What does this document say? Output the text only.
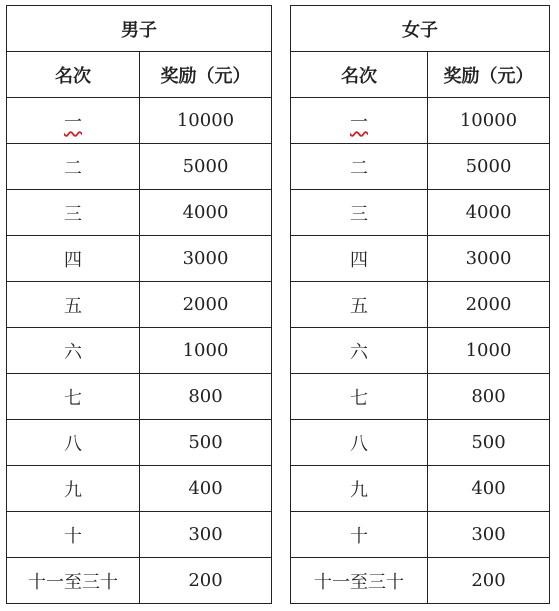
男子	
名次	奖励（元）
一	10000
二	5000
三	4000
四	3000
五	2000
六	1000
七	800
八	500
九	400
十	300
十一至三十	200
女子	
名次	奖励（元）
一	10000
二	5000
三	4000
四	3000
五	2000
六	1000
七	800
八	500
九	400
十	300
十一至三十	200
